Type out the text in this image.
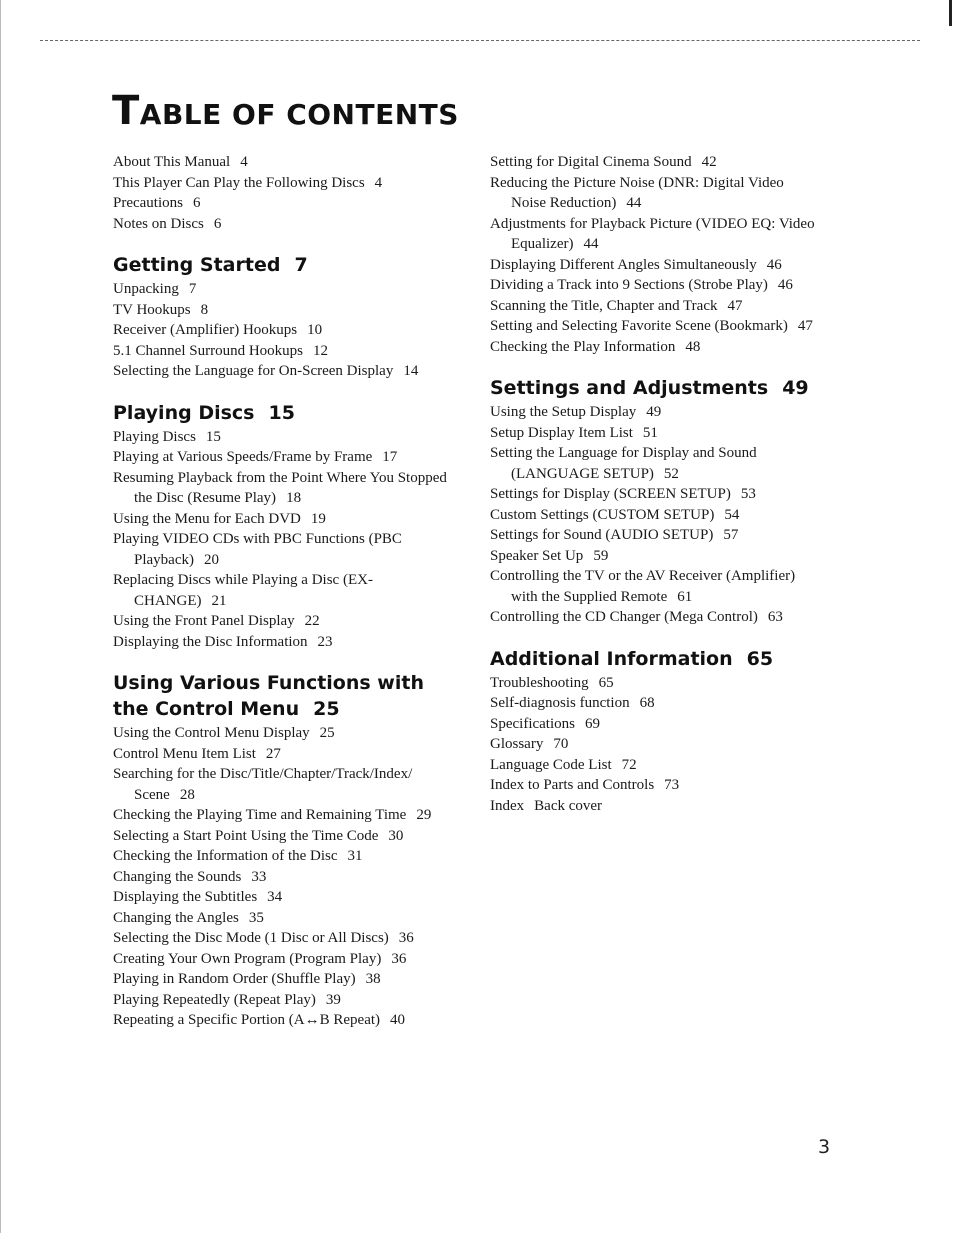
TABLE OF CONTENTS

About This Manual 4

This Player Can Play the Following Discs 4

Precautions 6

Notes on Discs 6

Getting Started 7

Unpacking 7

TV Hookups 8

Receiver (Amplifier) Hookups 10

5.1 Channel Surround Hookups 12

Selecting the Language for On-Screen Display 14

Playing Discs 15

Playing Discs 15

Playing at Various Speeds/Frame by Frame 17

Resuming Playback from the Point Where You Stopped the Disc (Resume Play) 18

Using the Menu for Each DVD 19

Playing VIDEO CDs with PBC Functions (PBC Playback) 20

Replacing Discs while Playing a Disc (EX-CHANGE) 21

Using the Front Panel Display 22

Displaying the Disc Information 23

Using Various Functions with the Control Menu 25

Using the Control Menu Display 25

Control Menu Item List 27

Searching for the Disc/Title/Chapter/Track/Index/ Scene 28

Checking the Playing Time and Remaining Time 29

Selecting a Start Point Using the Time Code 30

Checking the Information of the Disc 31

Changing the Sounds 33

Displaying the Subtitles 34

Changing the Angles 35

Selecting the Disc Mode (1 Disc or All Discs) 36

Creating Your Own Program (Program Play) 36

Playing in Random Order (Shuffle Play) 38

Playing Repeatedly (Repeat Play) 39

Repeating a Specific Portion (A↔B Repeat) 40

Setting for Digital Cinema Sound 42

Reducing the Picture Noise (DNR: Digital Video Noise Reduction) 44

Adjustments for Playback Picture (VIDEO EQ: Video Equalizer) 44

Displaying Different Angles Simultaneously 46

Dividing a Track into 9 Sections (Strobe Play) 46

Scanning the Title, Chapter and Track 47

Setting and Selecting Favorite Scene (Bookmark) 47

Checking the Play Information 48

Settings and Adjustments 49

Using the Setup Display 49

Setup Display Item List 51

Setting the Language for Display and Sound (LANGUAGE SETUP) 52

Settings for Display (SCREEN SETUP) 53

Custom Settings (CUSTOM SETUP) 54

Settings for Sound (AUDIO SETUP) 57

Speaker Set Up 59

Controlling the TV or the AV Receiver (Amplifier) with the Supplied Remote 61

Controlling the CD Changer (Mega Control) 63

Additional Information 65

Troubleshooting 65

Self-diagnosis function 68

Specifications 69

Glossary 70

Language Code List 72

Index to Parts and Controls 73

Index Back cover

3
